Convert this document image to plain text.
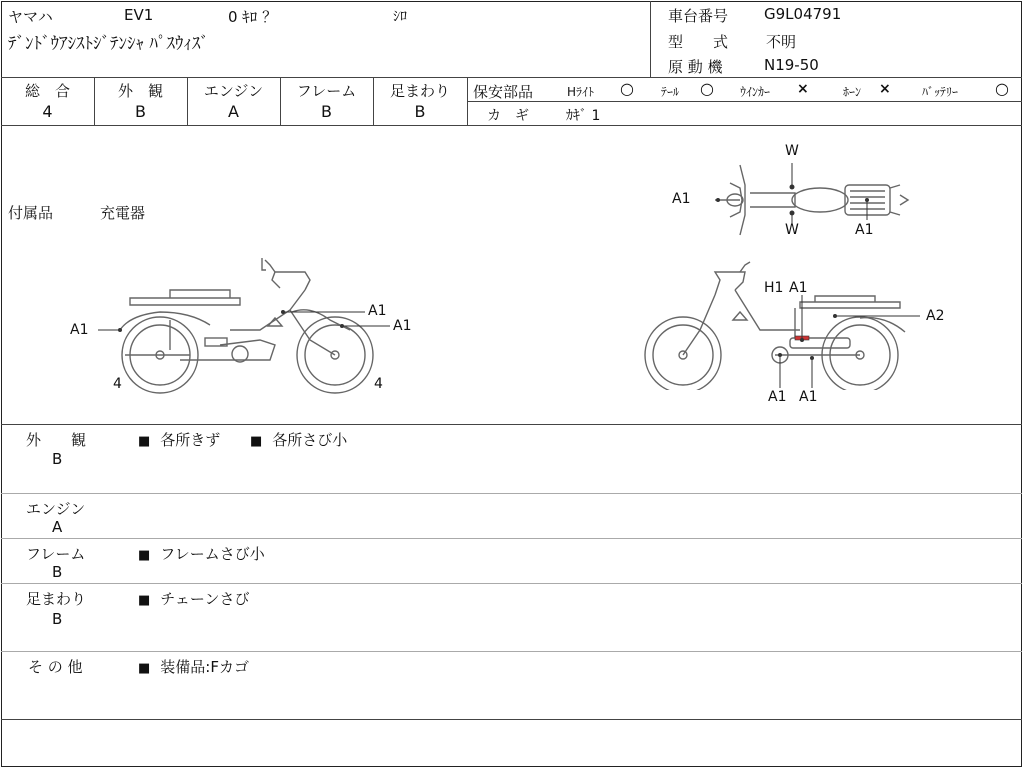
ヤマハ	EV1	0 ｷﾛ ？	ｼﾛ
ﾃﾞﾝﾄﾞｳｱｼｽﾄｼﾞﾃﾝｼｬ ﾊﾟｽｳｨｽﾞ
車台番号 G9L04791
型　　式	不明
原 動 機	N19-50
総　合
4
外　観
B
エンジン
A
フレーム
B
足まわり
B
保安部品	Hﾗｲﾄ ○ ﾃｰﾙ ○ ｳｲﾝｶｰ ×	ﾎｰﾝ ×	ﾊﾞｯﾃﾘｰ ○
カ　ギ	ｶｷﾞ 1
付属品	充電器
A1
A1
A1
4	4
W
A1
W	A1
H1 A1
A2
A1 A1
外　　観
B
■ 各所きず	■ 各所さび小
エンジン
A
フレーム
B
■ フレームさび小
足まわり
B
■ チェーンさび
そ の 他	■ 装備品:Fカゴ
